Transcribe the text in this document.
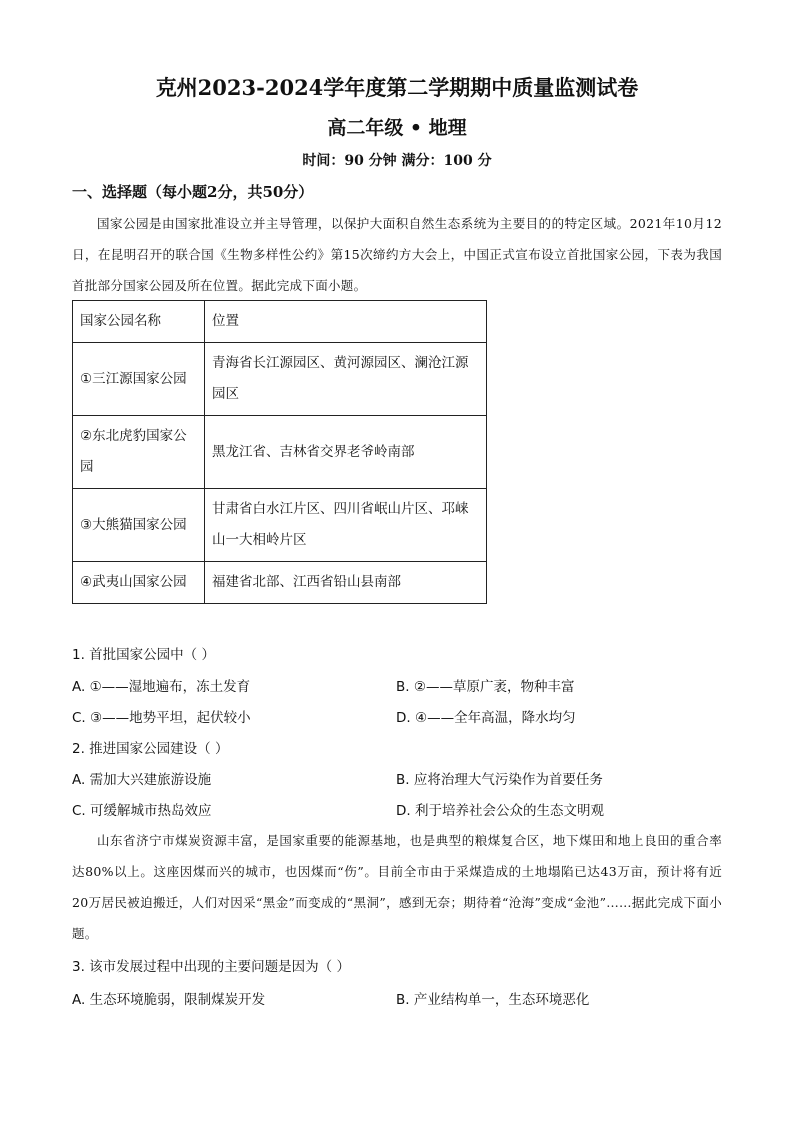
克州2023-2024学年度第二学期期中质量监测试卷
高二年级 • 地理
时间：90 分钟 满分：100 分
一、选择题（每小题2分，共50分）
国家公园是由国家批准设立并主导管理，以保护大面积自然生态系统为主要目的的特定区域。2021年10月12日，在昆明召开的联合国《生物多样性公约》第15次缔约方大会上，中国正式宣布设立首批国家公园，下表为我国首批部分国家公园及所在位置。据此完成下面小题。
国家公园名称	位置
①三江源国家公园	青海省长江源园区、黄河源园区、澜沧江源园区
②东北虎豹国家公园	黑龙江省、吉林省交界老爷岭南部
③大熊猫国家公园	甘肃省白水江片区、四川省岷山片区、邛崃山一大相岭片区
④武夷山国家公园	福建省北部、江西省铅山县南部
1. 首批国家公园中（ ）
A. ①——湿地遍布，冻土发育	B. ②——草原广袤，物种丰富
C. ③——地势平坦，起伏较小	D. ④——全年高温，降水均匀
2. 推进国家公园建设（ ）
A. 需加大兴建旅游设施	B. 应将治理大气污染作为首要任务
C. 可缓解城市热岛效应	D. 利于培养社会公众的生态文明观
山东省济宁市煤炭资源丰富，是国家重要的能源基地，也是典型的粮煤复合区，地下煤田和地上良田的重合率达80%以上。这座因煤而兴的城市，也因煤而“伤”。目前全市由于采煤造成的土地塌陷已达43万亩，预计将有近20万居民被迫搬迁，人们对因采“黑金”而变成的“黑洞”，感到无奈；期待着“沧海”变成“金池”……据此完成下面小题。
3. 该市发展过程中出现的主要问题是因为（ ）
A. 生态环境脆弱，限制煤炭开发	B. 产业结构单一，生态环境恶化
